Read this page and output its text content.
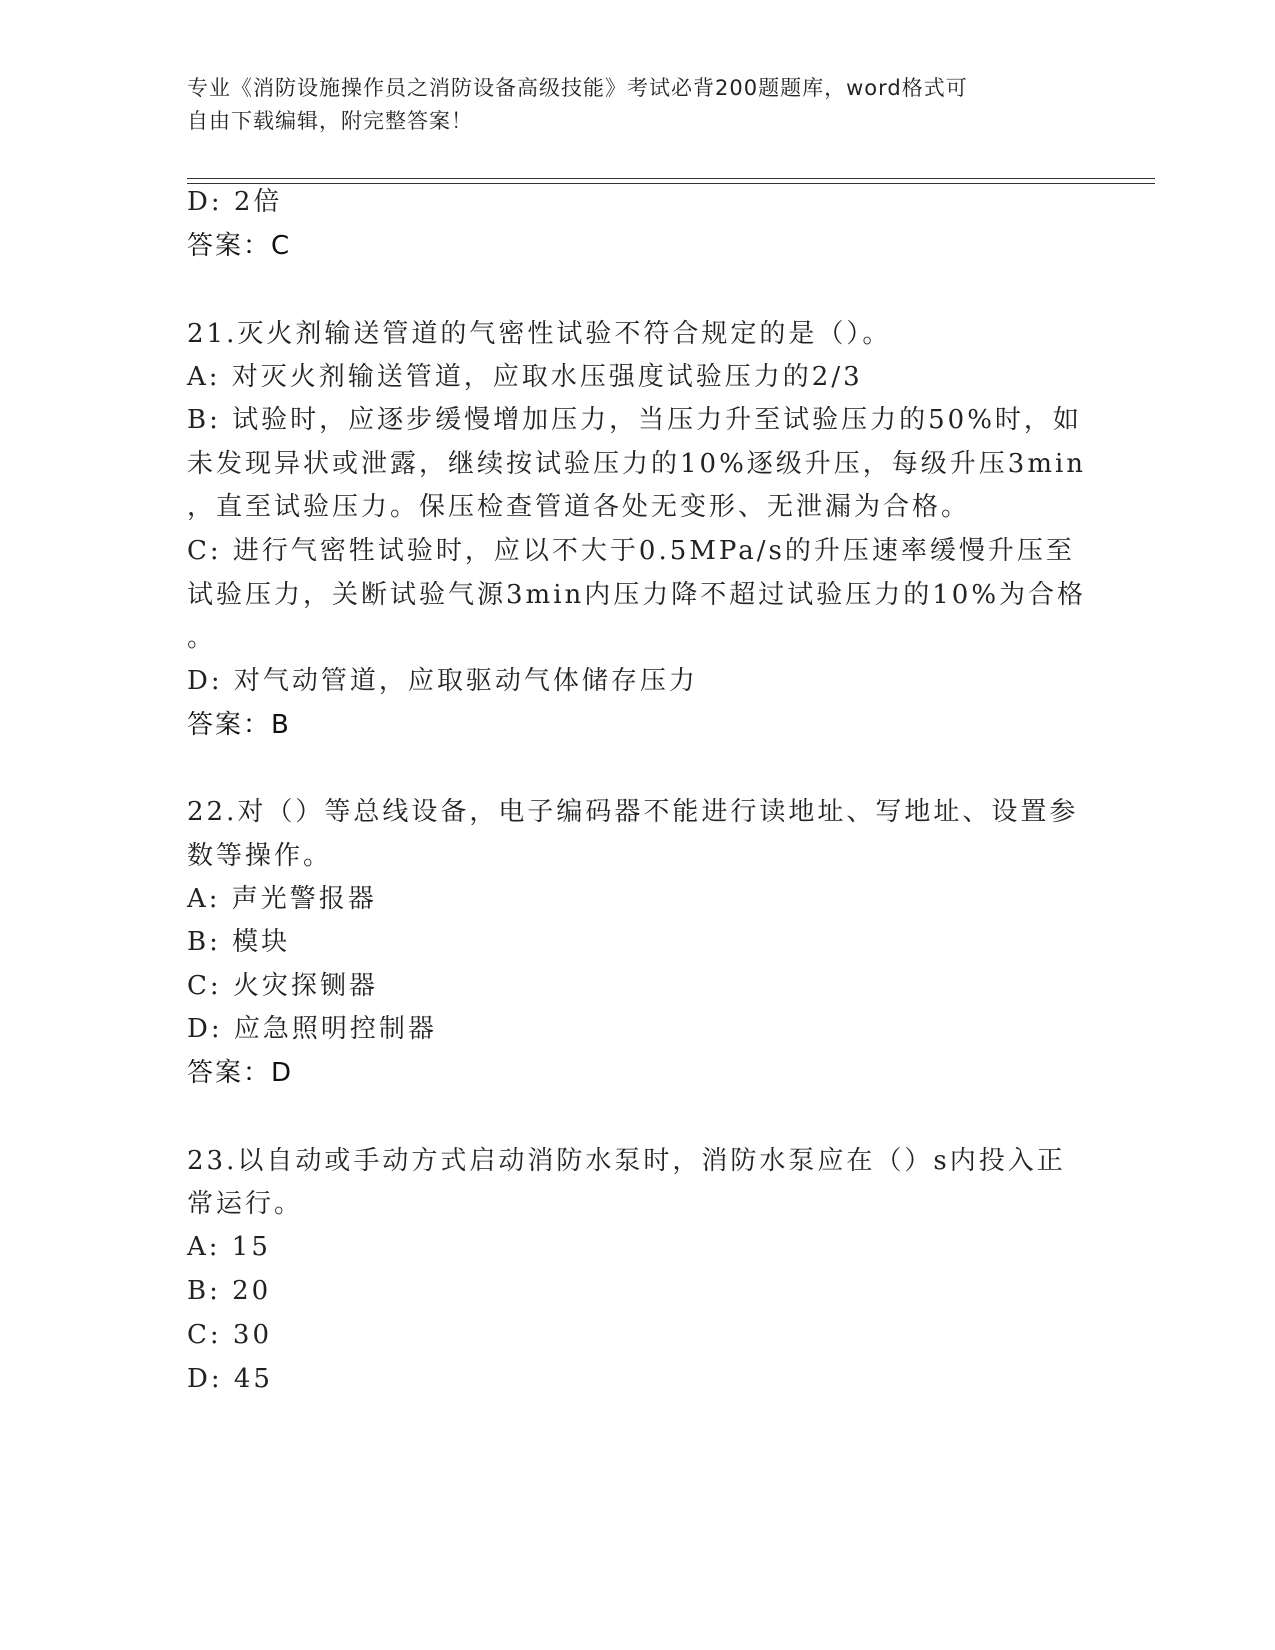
专业《消防设施操作员之消防设备高级技能》考试必背200题题库，word格式可
自由下载编辑，附完整答案！
D: 2倍
答案：C
21.灭火剂输送管道的气密性试验不符合规定的是（）。
A: 对灭火剂输送管道，应取水压强度试验压力的2/3
B: 试验时，应逐步缓慢增加压力，当压力升至试验压力的50%时，如
未发现异状或泄露，继续按试验压力的10%逐级升压，每级升压3min
，直至试验压力。保压检查管道各处无变形、无泄漏为合格。
C: 进行气密牲试验时，应以不大于0.5MPa/s的升压速率缓慢升压至
试验压力，关断试验气源3min内压力降不超过试验压力的10%为合格
。
D: 对气动管道，应取驱动气体储存压力
答案：B
22.对（）等总线设备，电子编码器不能进行读地址、写地址、设置参
数等操作。
A: 声光警报器
B: 模块
C: 火灾探铡器
D: 应急照明控制器
答案：D
23.以自动或手动方式启动消防水泵时，消防水泵应在（）s内投入正
常运行。
A: 15
B: 20
C: 30
D: 45
